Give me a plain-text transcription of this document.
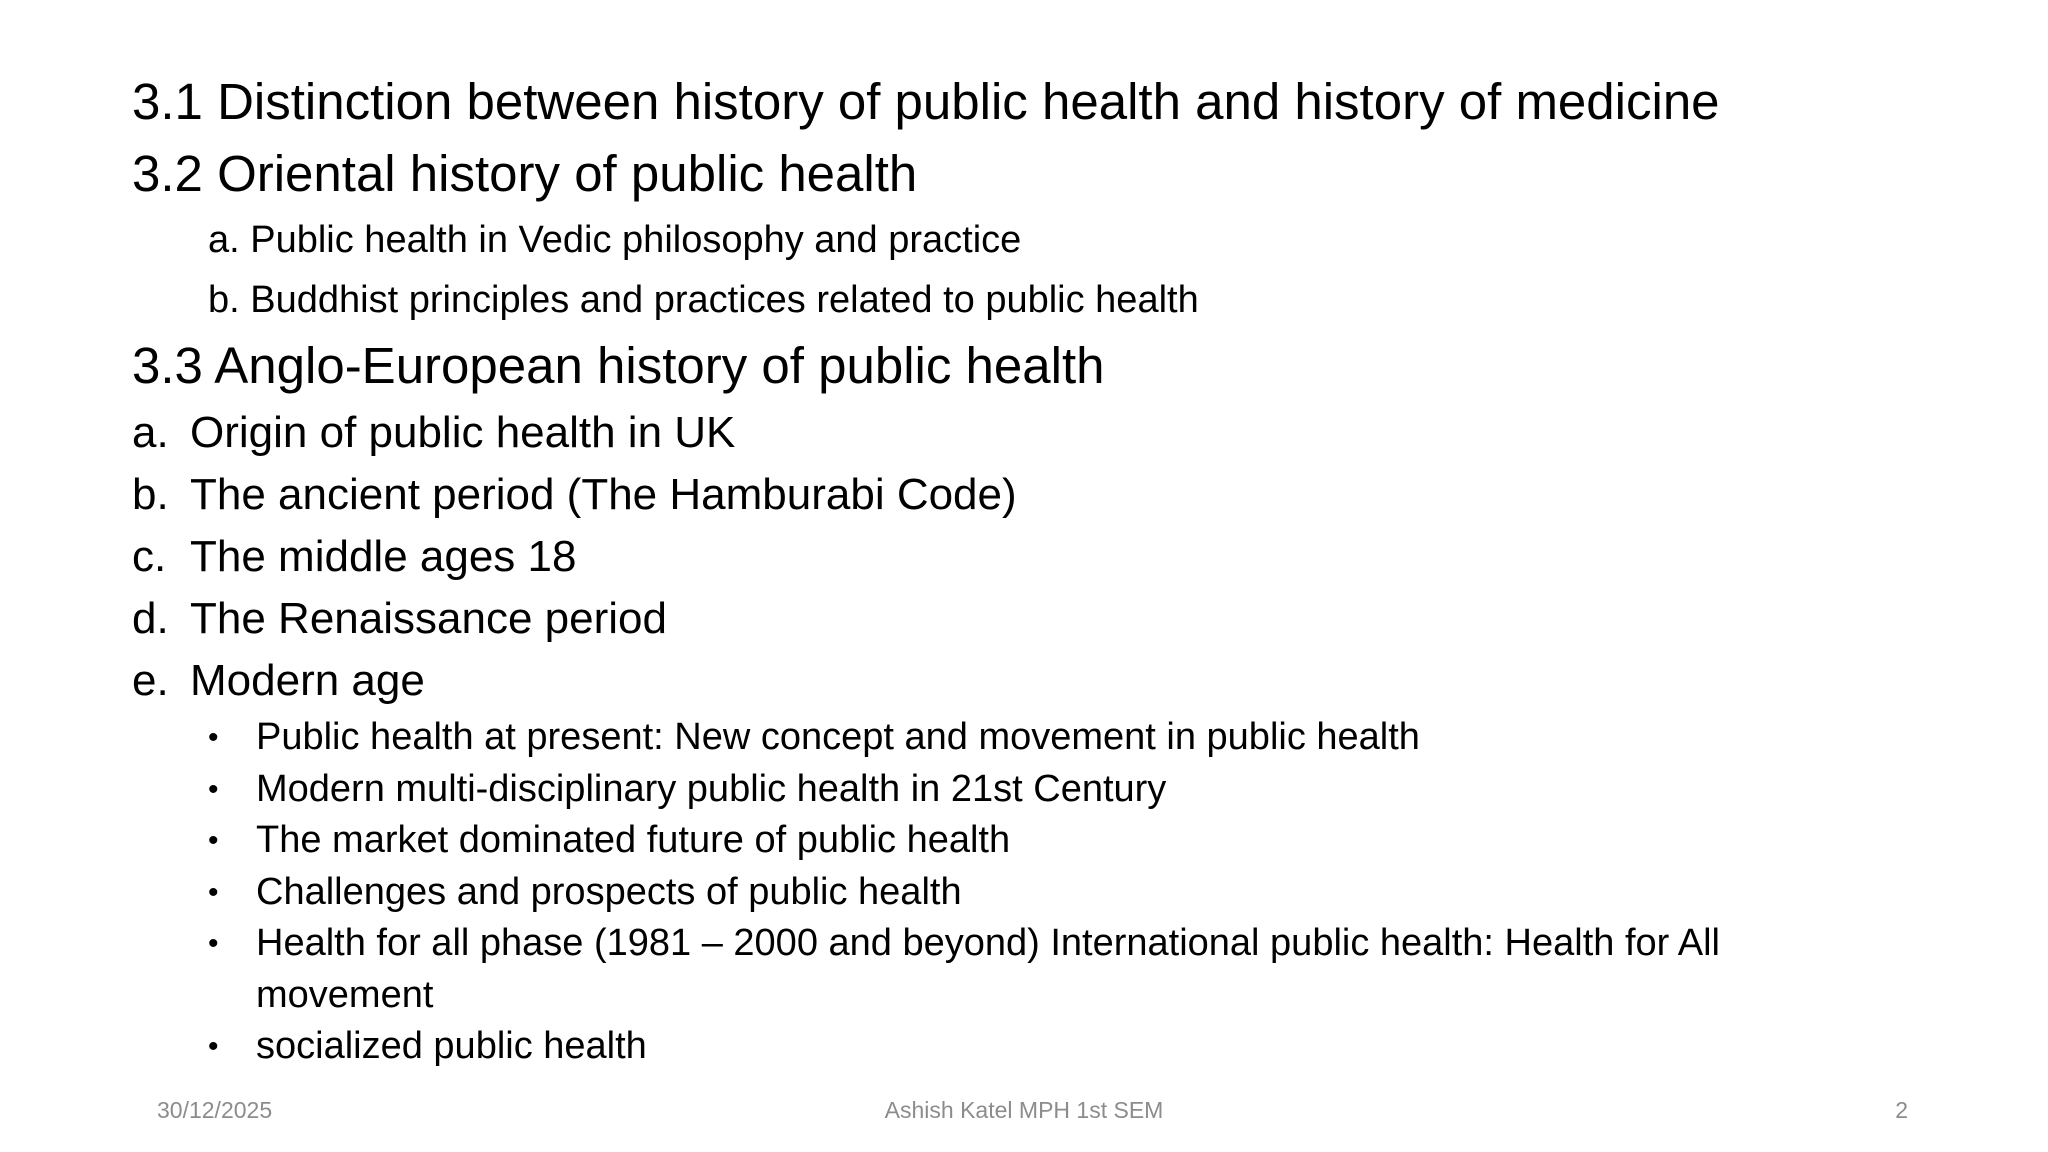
3.1 Distinction between history of public health and history of medicine
3.2 Oriental history of public health
a. Public health in Vedic philosophy and practice
b. Buddhist principles and practices related to public health
3.3 Anglo-European history of public health
a. Origin of public health in UK
b. The ancient period (The Hamburabi Code)
c. The middle ages 18
d. The Renaissance period
e. Modern age
• Public health at present: New concept and movement in public health
• Modern multi-disciplinary public health in 21st Century
• The market dominated future of public health
• Challenges and prospects of public health
• Health for all phase (1981 – 2000 and beyond) International public health: Health for All movement
• socialized public health
30/12/2025	Ashish Katel MPH 1st SEM	2
